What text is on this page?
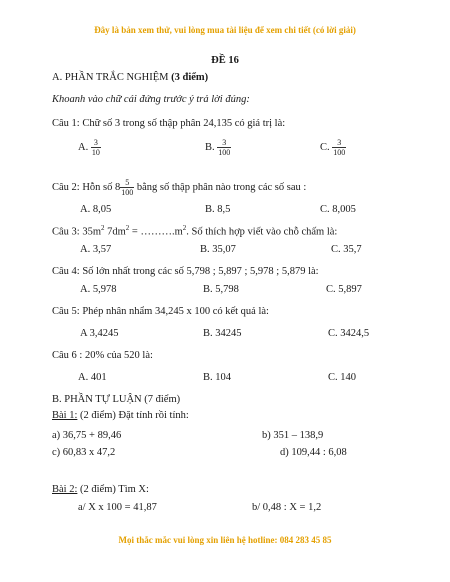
Đây là bản xem thử, vui lòng mua tài liệu để xem chi tiết (có lời giải)
ĐỀ 16
A. PHẦN TRẮC NGHIỆM (3 điểm)
Khoanh vào chữ cái đứng trước ý trả lời đúng:
Câu 1: Chữ số 3 trong số thập phân 24,135 có giá trị là:
A. $\frac{3}{10}$	B. $\frac{3}{100}$	C. $\frac{3}{100}$
Câu 2: Hỗn số $8 \frac{5}{100}$ bằng số thập phân nào trong các số sau :
A. 8,05	B. 8,5	C. 8,005
Câu 3: $35m^2$ $7dm^2$ = $\dots\dots\dots.m^2$. Số thích hợp viết vào chỗ chấm là:
A. 3,57	B. 35,07	C. 35,7
Câu 4: Số lớn nhất trong các số 5,798 ; 5,897 ; 5,978 ; 5,879 là:
A. 5,978	B. 5,798	C. 5,897
Câu 5: Phép nhân nhẩm 34,245 x 100 có kết quả là:
A 3,4245	B. 34245	C. 3424,5
Câu 6 : 20% của 520 là:
A. 401	B. 104	C. 140
B. PHẦN TỰ LUẬN (7 điểm)
Bài 1: (2 điểm) Đặt tính rồi tính:
a) 36,75 + 89,46	b) 351 – 138,9
c) 60,83 x 47,2	d) 109,44 : 6,08
Bài 2: (2 điểm) Tìm X:
a/ X x 100 = 41,87	b/ 0,48 : X = 1,2
Mọi thắc mắc vui lòng xin liên hệ hotline: 084 283 45 85
